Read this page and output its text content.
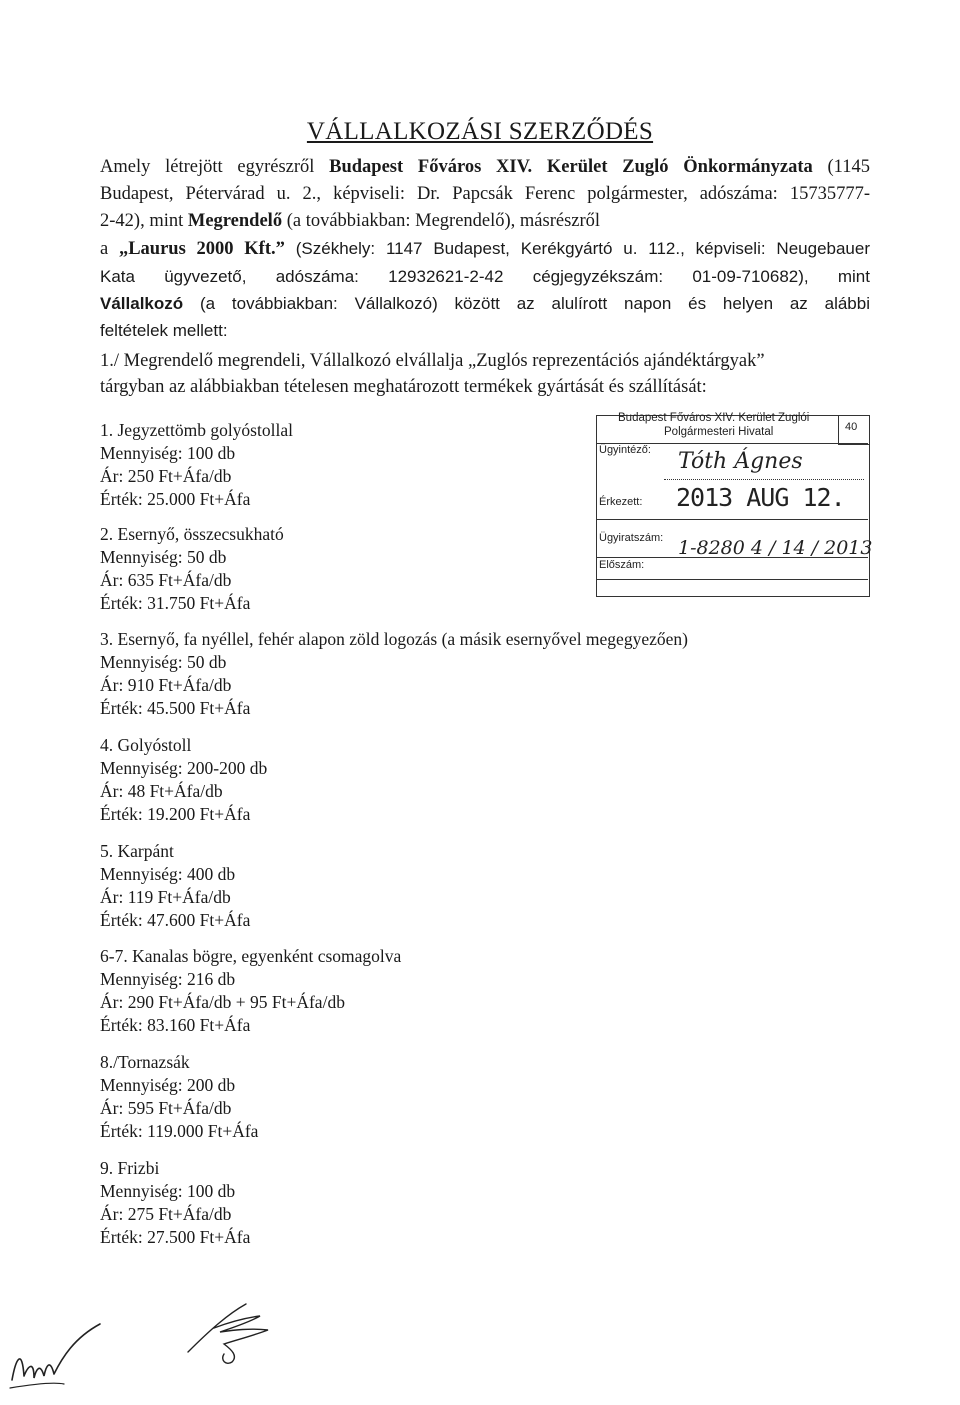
VÁLLALKOZÁSI SZERZŐDÉS
Amely létrejött egyrészről Budapest Főváros XIV. Kerület Zugló Önkormányzata (1145
Budapest, Pétervárad u. 2., képviseli: Dr. Papcsák Ferenc polgármester, adószáma: 15735777-
2-42), mint Megrendelő (a továbbiakban: Megrendelő), másrészről
a „Laurus 2000 Kft.” (Székhely: 1147 Budapest, Kerékgyártó u. 112., képviseli: Neugebauer
Kata ügyvezető, adószáma: 12932621-2-42 cégjegyzékszám: 01-09-710682), mint
Vállalkozó (a továbbiakban: Vállalkozó) között az alulírott napon és helyen az alábbi
feltételek mellett:
1./ Megrendelő megrendeli, Vállalkozó elvállalja „Zuglós reprezentációs ajándéktárgyak”
tárgyban az alábbiakban tételesen meghatározott termékek gyártását és szállítását:
1. Jegyzettömb golyóstollal
Mennyiség: 100 db
Ár: 250 Ft+Áfa/db
Érték: 25.000 Ft+Áfa
2. Esernyő, összecsukható
Mennyiség: 50 db
Ár: 635 Ft+Áfa/db
Érték: 31.750 Ft+Áfa
3. Esernyő, fa nyéllel, fehér alapon zöld logozás (a másik esernyővel megegyezően)
Mennyiség: 50 db
Ár: 910 Ft+Áfa/db
Érték: 45.500 Ft+Áfa
4. Golyóstoll
Mennyiség: 200-200 db
Ár: 48 Ft+Áfa/db
Érték: 19.200 Ft+Áfa
5. Karpánt
Mennyiség: 400 db
Ár: 119 Ft+Áfa/db
Érték: 47.600 Ft+Áfa
6-7. Kanalas bögre, egyenként csomagolva
Mennyiség: 216 db
Ár: 290 Ft+Áfa/db + 95 Ft+Áfa/db
Érték: 83.160 Ft+Áfa
8./Tornazsák
Mennyiség: 200 db
Ár: 595 Ft+Áfa/db
Érték: 119.000 Ft+Áfa
9. Frizbi
Mennyiség: 100 db
Ár: 275 Ft+Áfa/db
Érték: 27.500 Ft+Áfa
Budapest Főváros XIV. Kerület Zuglói
Polgármesteri Hivatal	40
Ügyintéző: Tóth Ágnes
Érkezett: 2013 AUG 12.
Ügyiratszám: 1-8280 4 / 14 / 2013
Előszám:
